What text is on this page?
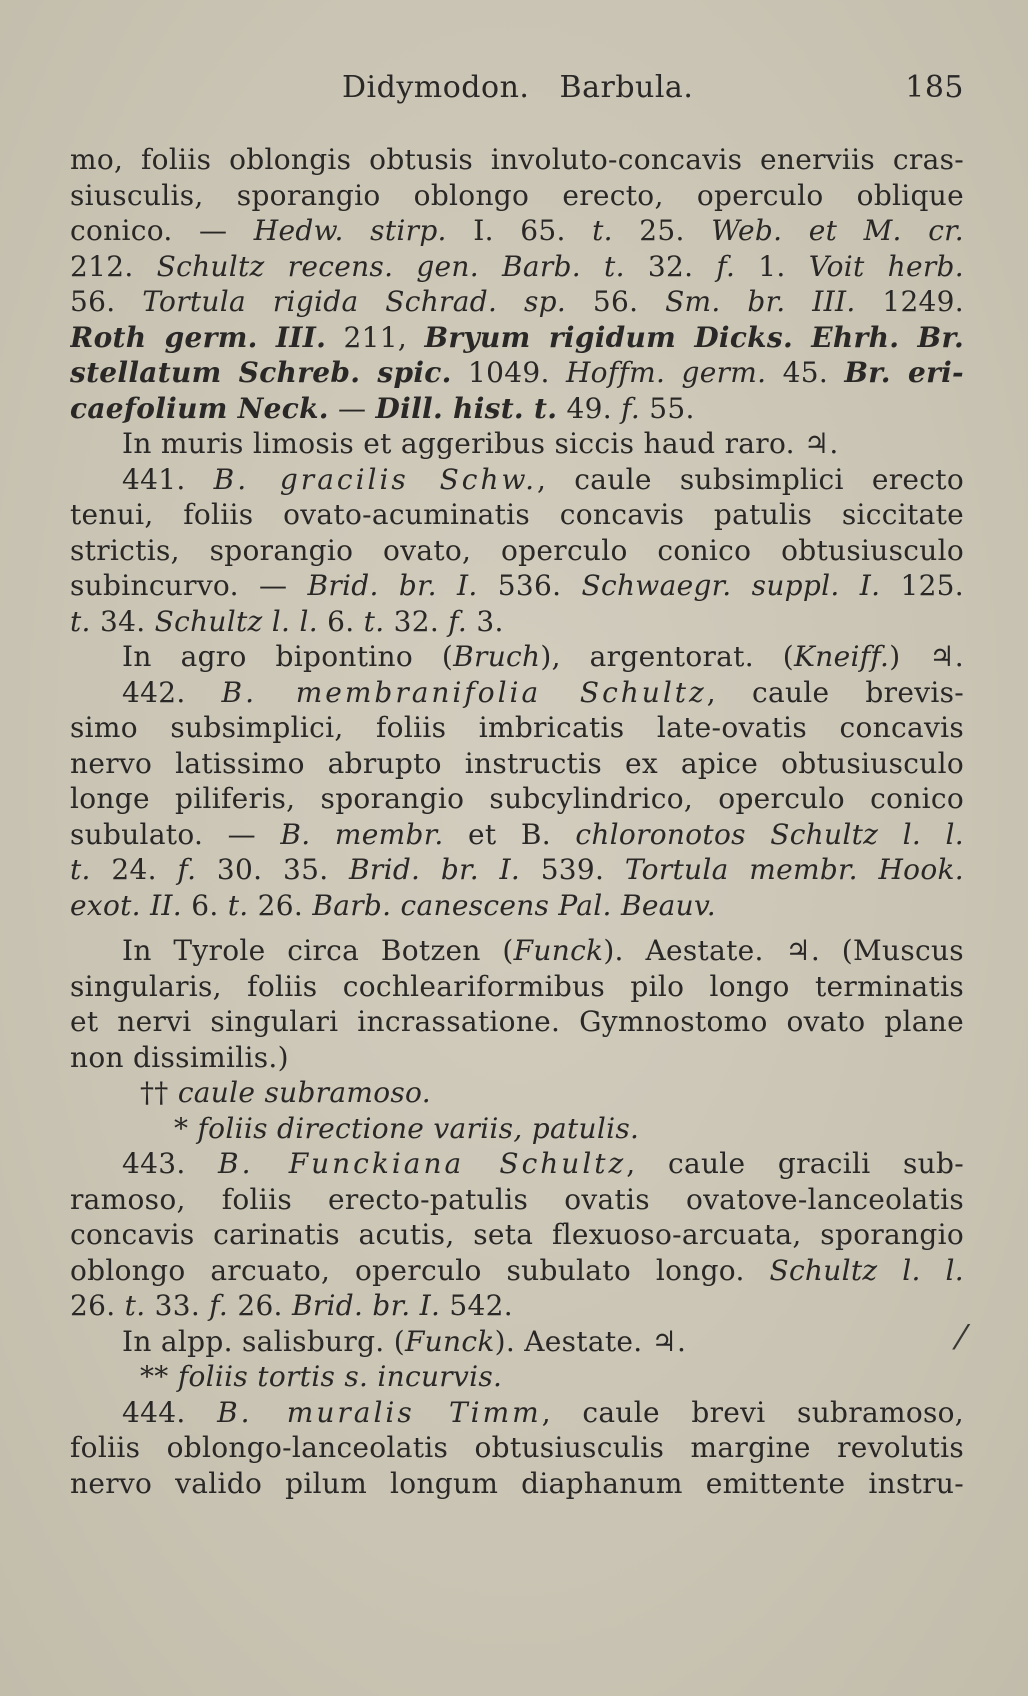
Didymodon.   Barbula.	185
mo, foliis oblongis obtusis involuto-concavis enerviis cras-
siusculis, sporangio oblongo erecto, operculo oblique
conico. — Hedw. stirp. I. 65. t. 25. Web. et M. cr.
212. Schultz recens. gen. Barb. t. 32. f. 1. Voit herb.
56. Tortula rigida Schrad. sp. 56. Sm. br. III. 1249.
Roth germ. III. 211, Bryum rigidum Dicks. Ehrh. Br.
stellatum Schreb. spic. 1049. Hoffm. germ. 45. Br. eri-
caefolium Neck. — Dill. hist. t. 49. f. 55.
In muris limosis et aggeribus siccis haud raro. ♃.
441. B. gracilis Schw., caule subsimplici erecto
tenui, foliis ovato-acuminatis concavis patulis siccitate
strictis, sporangio ovato, operculo conico obtusiusculo
subincurvo. — Brid. br. I. 536. Schwaegr. suppl. I. 125.
t. 34. Schultz l. l. 6. t. 32. f. 3.
In agro bipontino (Bruch), argentorat. (Kneiff.) ♃.
442. B. membranifolia Schultz, caule brevis-
simo subsimplici, foliis imbricatis late-ovatis concavis
nervo latissimo abrupto instructis ex apice obtusiusculo
longe piliferis, sporangio subcylindrico, operculo conico
subulato. — B. membr. et B. chloronotos Schultz l. l.
t. 24. f. 30. 35. Brid. br. I. 539. Tortula membr. Hook.
exot. II. 6. t. 26. Barb. canescens Pal. Beauv.
In Tyrole circa Botzen (Funck). Aestate. ♃. (Muscus
singularis, foliis cochleariformibus pilo longo terminatis
et nervi singulari incrassatione. Gymnostomo ovato plane
non dissimilis.)
†† caule subramoso.
* foliis directione variis, patulis.
443. B. Funckiana Schultz, caule gracili sub-
ramoso, foliis erecto-patulis ovatis ovatove-lanceolatis
concavis carinatis acutis, seta flexuoso-arcuata, sporangio
oblongo arcuato, operculo subulato longo. Schultz l. l.
26. t. 33. f. 26. Brid. br. I. 542.
In alpp. salisburg. (Funck). Aestate. ♃.
** foliis tortis s. incurvis.
444. B. muralis Timm, caule brevi subramoso,
foliis oblongo-lanceolatis obtusiusculis margine revolutis
nervo valido pilum longum diaphanum emittente instru-
⁄
